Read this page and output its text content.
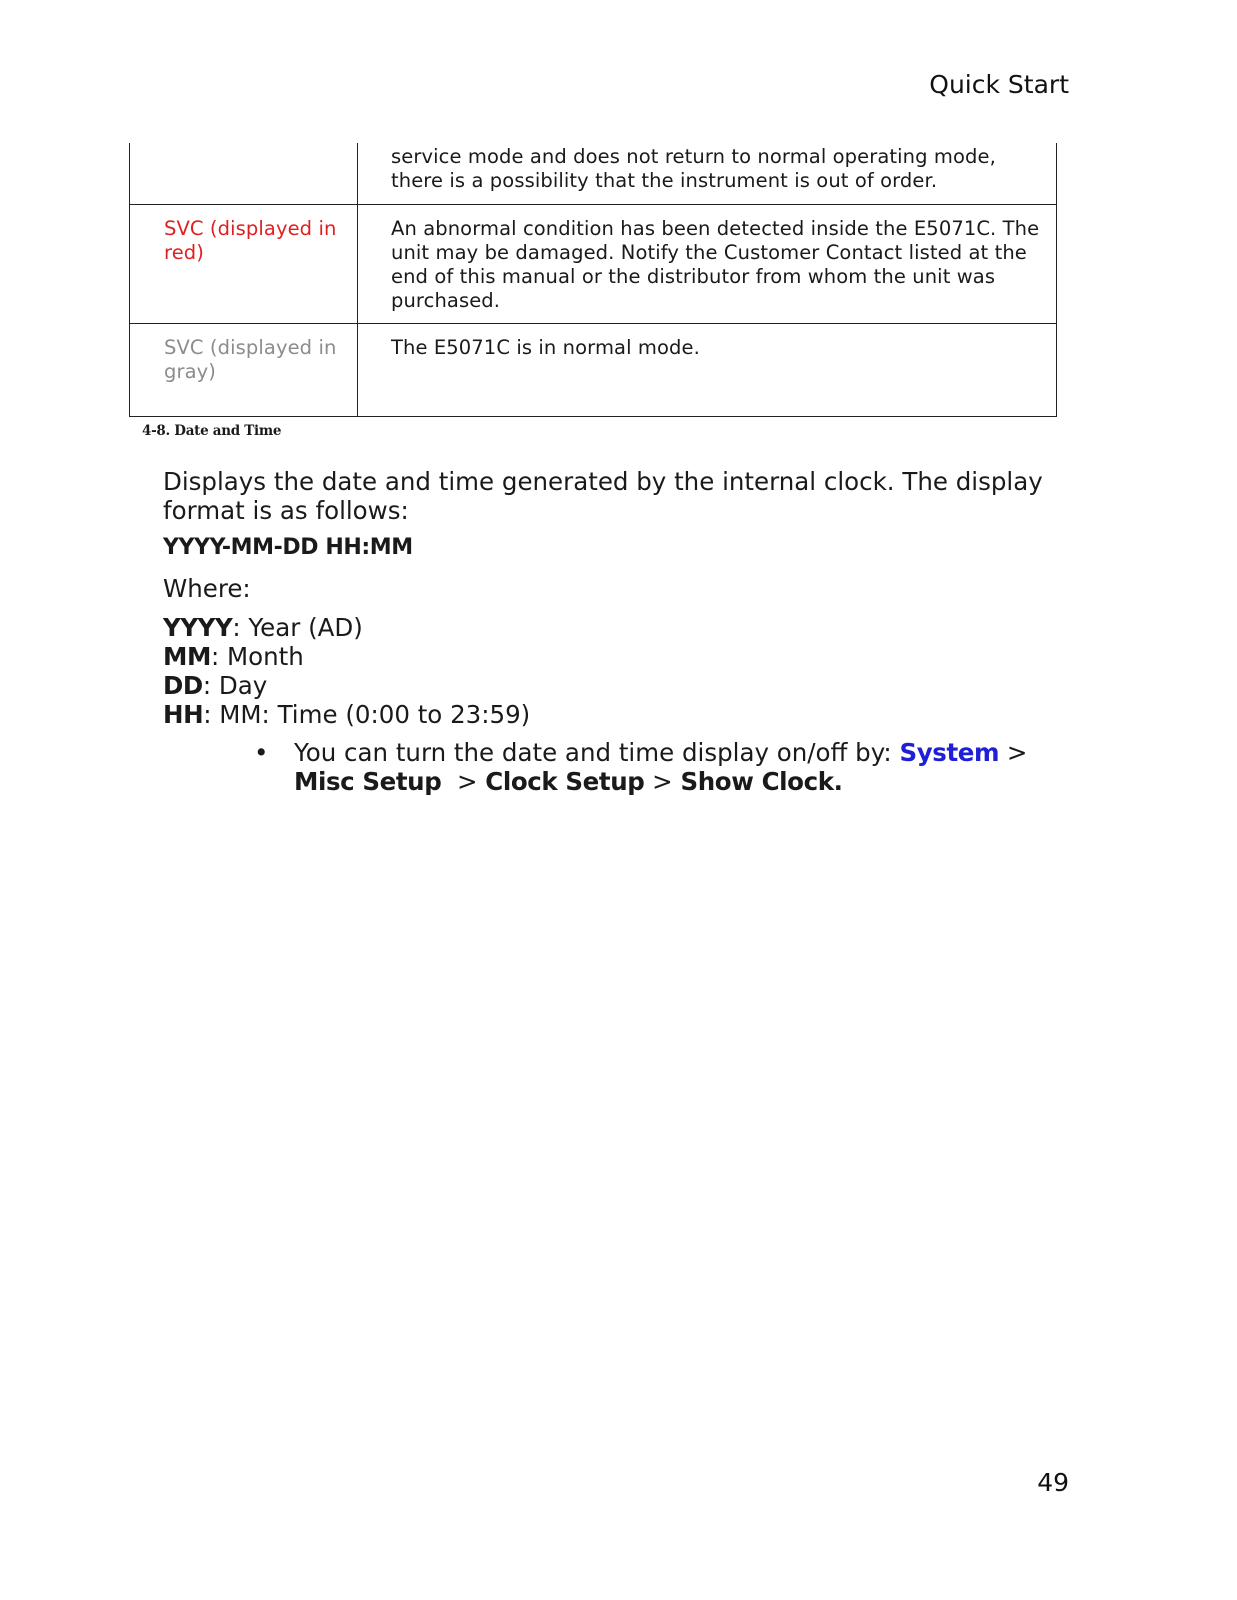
Quick Start
	service mode and does not return to normal operating mode, there is a possibility that the instrument is out of order.
SVC (displayed in red)	An abnormal condition has been detected inside the E5071C. The unit may be damaged. Notify the Customer Contact listed at the end of this manual or the distributor from whom the unit was purchased.
SVC (displayed in gray)	The E5071C is in normal mode.
4-8. Date and Time

Displays the date and time generated by the internal clock. The display format is as follows:

YYYY-MM-DD HH:MM

Where:

YYYY: Year (AD)

MM: Month

DD: Day

HH: MM: Time (0:00 to 23:59)

• You can turn the date and time display on/off by: System > Misc Setup  > Clock Setup > Show Clock.
49
